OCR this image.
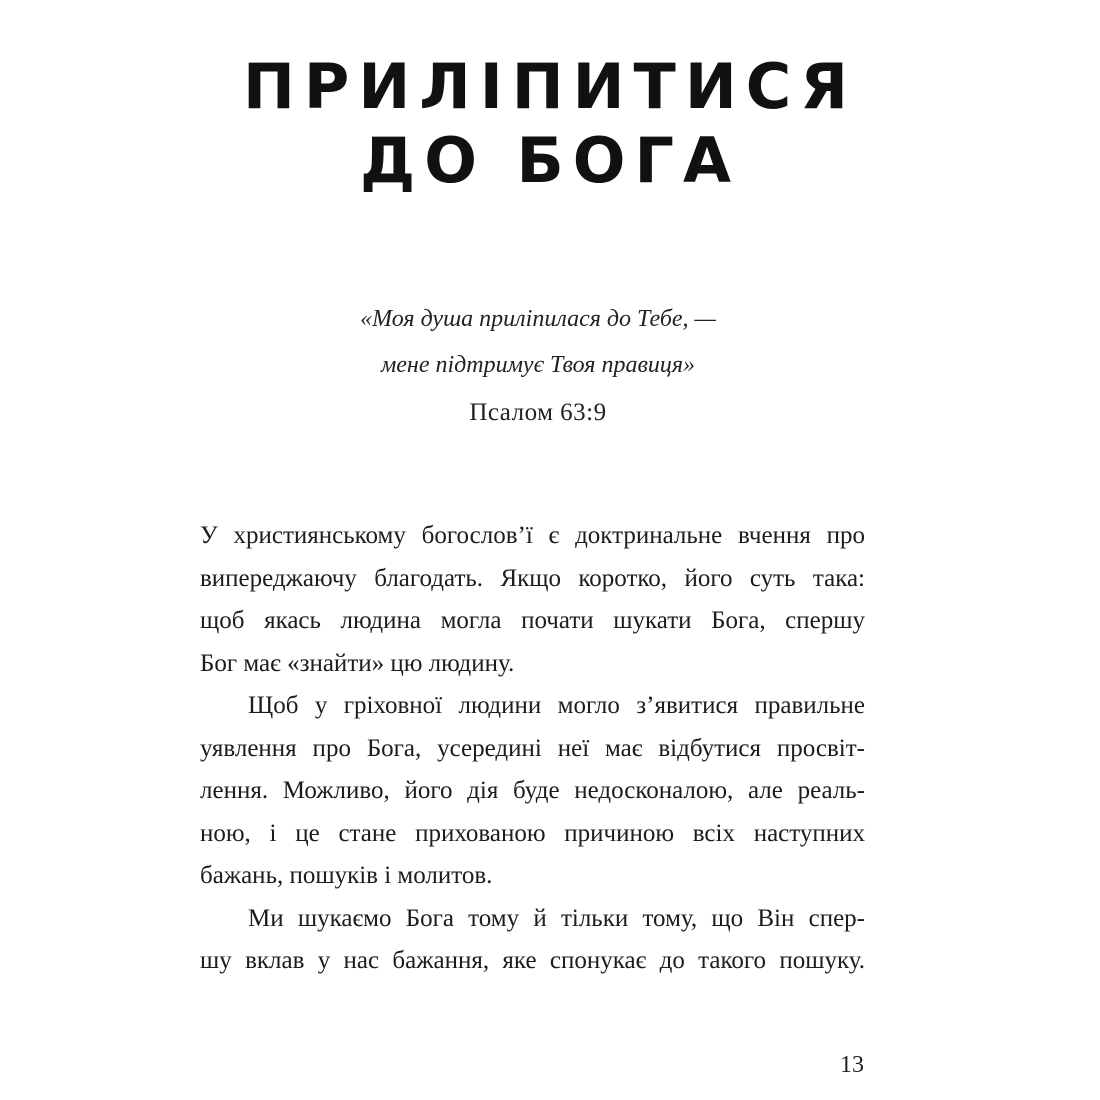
ПРИЛІПИТИСЯ
ДО БОГА
«Моя душа приліпилася до Тебе, —
мене підтримує Твоя правиця»
Псалом 63:9
У християнському богослов’ї є доктринальне вчення про
випереджаючу благодать. Якщо коротко, його суть така:
щоб якась людина могла почати шукати Бога, спершу
Бог має «знайти» цю людину.
Щоб у гріховної людини могло з’явитися правильне
уявлення про Бога, усередині неї має відбутися просвіт-
лення. Можливо, його дія буде недосконалою, але реаль-
ною, і це стане прихованою причиною всіх наступних
бажань, пошуків і молитов.
Ми шукаємо Бога тому й тільки тому, що Він спер-
шу вклав у нас бажання, яке спонукає до такого пошуку.
13
